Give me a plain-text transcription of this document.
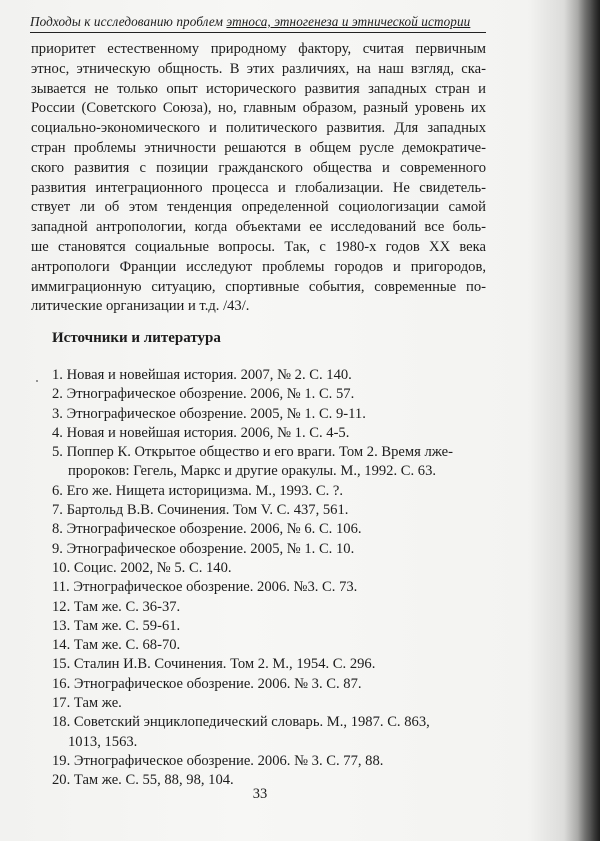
Подходы к исследованию проблем этноса, этногенеза и этнической истории
приоритет естественному природному фактору, считая первичным
этнос, этническую общность. В этих различиях, на наш взгляд, ска-
зывается не только опыт исторического развития западных стран и
России (Советского Союза), но, главным образом, разный уровень их
социально-экономического и политического развития. Для западных
стран проблемы этничности решаются в общем русле демократиче-
ского развития с позиции гражданского общества и современного
развития интеграционного процесса и глобализации. Не свидетель-
ствует ли об этом тенденция определенной социологизации самой
западной антропологии, когда объектами ее исследований все боль-
ше становятся социальные вопросы. Так, с 1980-х годов XX века
антропологи Франции исследуют проблемы городов и пригородов,
иммиграционную ситуацию, спортивные события, современные по-
литические организации и т.д. /43/.
Источники и литература
1. Новая и новейшая история. 2007, № 2. С. 140.
2. Этнографическое обозрение. 2006, № 1. С. 57.
3. Этнографическое обозрение. 2005, № 1. С. 9-11.
4. Новая и новейшая история. 2006, № 1. С. 4-5.
5. Поппер К. Открытое общество и его враги. Том 2. Время лже-
пророков: Гегель, Маркс и другие оракулы. М., 1992. С. 63.
6. Его же. Нищета историцизма. М., 1993. С. ?.
7. Бартольд В.В. Сочинения. Том V. С. 437, 561.
8. Этнографическое обозрение. 2006, № 6. С. 106.
9. Этнографическое обозрение. 2005, № 1. С. 10.
10. Социс. 2002, № 5. С. 140.
11. Этнографическое обозрение. 2006. №3. С. 73.
12. Там же. С. 36-37.
13. Там же. С. 59-61.
14. Там же. С. 68-70.
15. Сталин И.В. Сочинения. Том 2. М., 1954. С. 296.
16. Этнографическое обозрение. 2006. № 3. С. 87.
17. Там же.
18. Советский энциклопедический словарь. М., 1987. С. 863,
1013, 1563.
19. Этнографическое обозрение. 2006. № 3. С. 77, 88.
20. Там же. С. 55, 88, 98, 104.
33
